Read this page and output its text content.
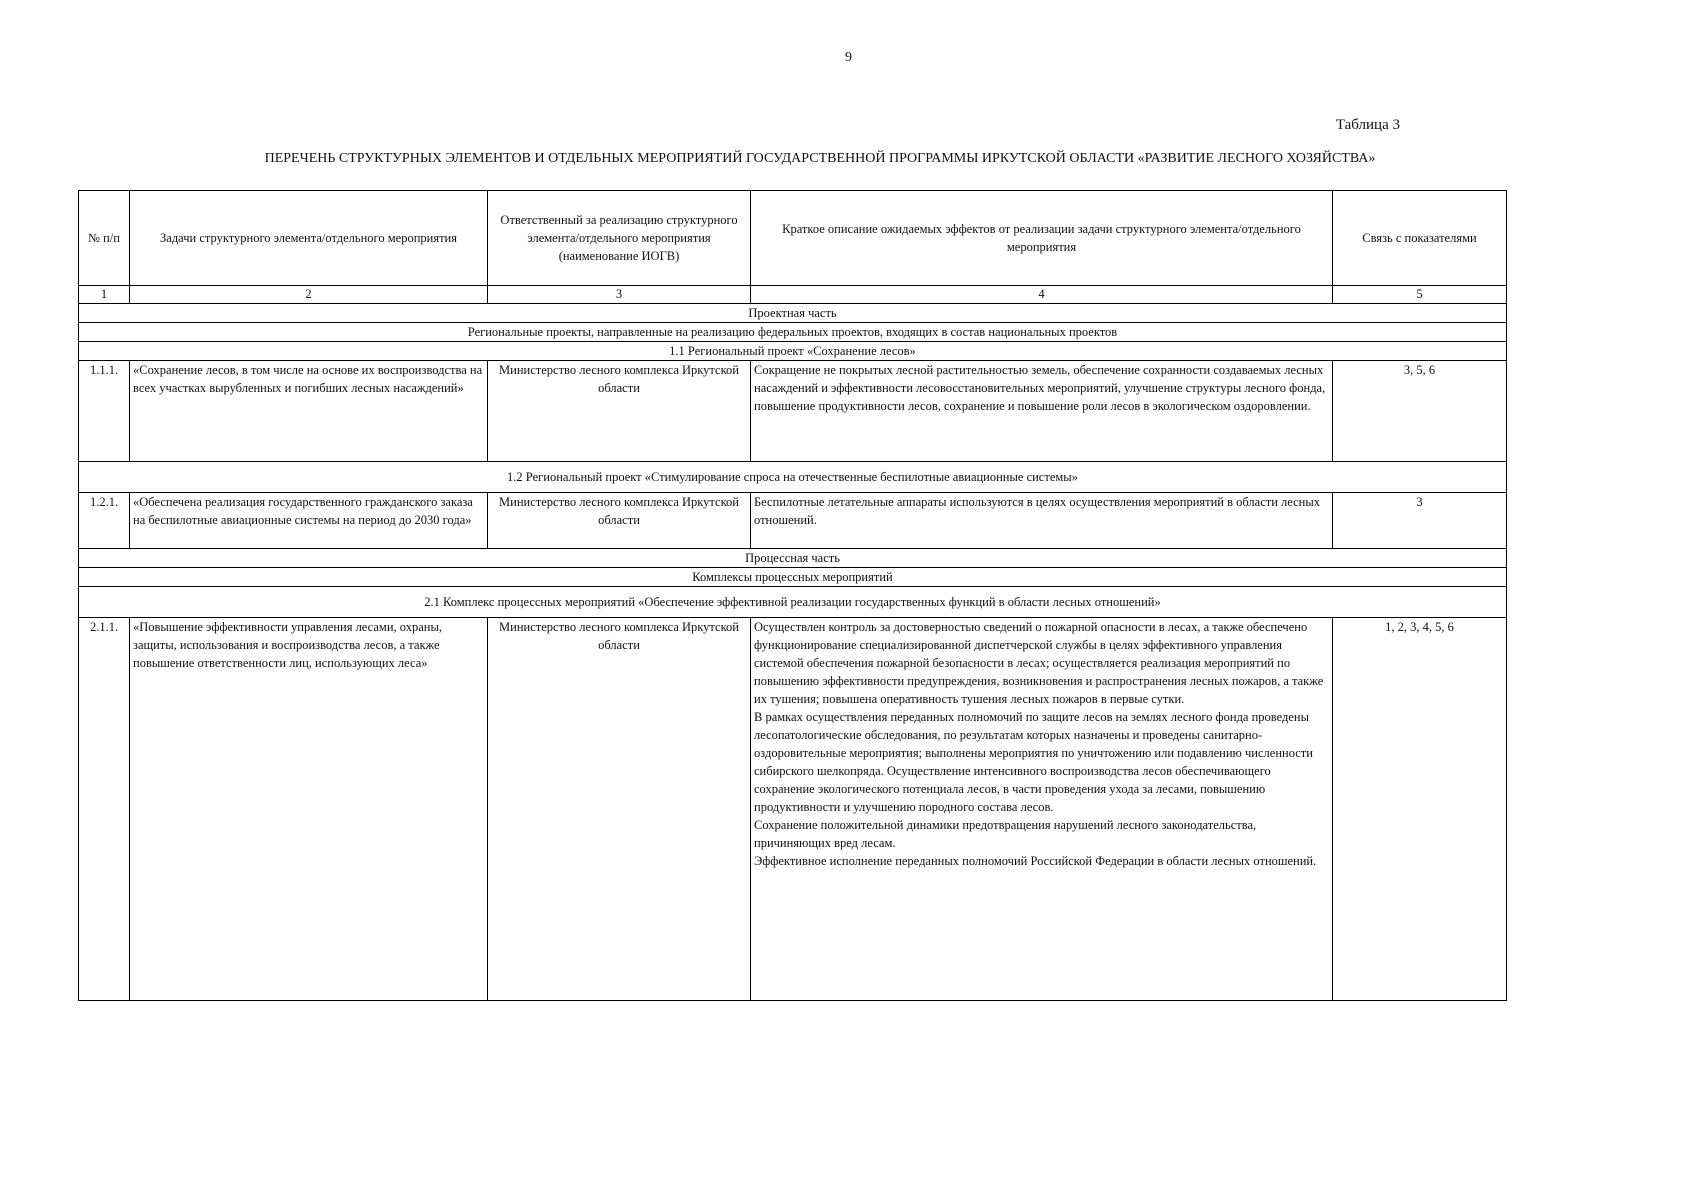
9
Таблица 3
ПЕРЕЧЕНЬ СТРУКТУРНЫХ ЭЛЕМЕНТОВ И ОТДЕЛЬНЫХ МЕРОПРИЯТИЙ ГОСУДАРСТВЕННОЙ ПРОГРАММЫ ИРКУТСКОЙ ОБЛАСТИ «РАЗВИТИЕ ЛЕСНОГО ХОЗЯЙСТВА»
№ п/п	Задачи структурного элемента/отдельного мероприятия	Ответственный за реализацию структурного элемента/отдельного мероприятия (наименование ИОГВ)	Краткое описание ожидаемых эффектов от реализации задачи структурного элемента/отдельного мероприятия	Связь с показателями
1	2	3	4	5
Проектная часть				
Региональные проекты, направленные на реализацию федеральных проектов, входящих в состав национальных проектов				
1.1 Региональный проект «Сохранение лесов»				
1.1.1.	«Сохранение лесов, в том числе на основе их воспроизводства на всех участках вырубленных и погибших лесных насаждений»	Министерство лесного комплекса Иркутской области	Сокращение не покрытых лесной растительностью земель, обеспечение сохранности создаваемых лесных насаждений и эффективности лесовосстановительных мероприятий, улучшение структуры лесного фонда, повышение продуктивности лесов, сохранение и повышение роли лесов в экологическом оздоровлении.	3, 5, 6
1.2 Региональный проект «Стимулирование спроса на отечественные беспилотные авиационные системы»				
1.2.1.	«Обеспечена реализация государственного гражданского заказа на беспилотные авиационные системы на период до 2030 года»	Министерство лесного комплекса Иркутской области	Беспилотные летательные аппараты используются в целях осуществления мероприятий в области лесных отношений.	3
Процессная часть				
Комплексы процессных мероприятий				
2.1 Комплекс процессных мероприятий «Обеспечение эффективной реализации государственных функций в области лесных отношений»				
2.1.1.	«Повышение эффективности управления лесами, охраны, защиты, использования и воспроизводства лесов, а также повышение ответственности лиц, использующих леса»	Министерство лесного комплекса Иркутской области	Осуществлен контроль за достоверностью сведений о пожарной опасности в лесах, а также обеспечено функционирование специализированной диспетчерской службы в целях эффективного управления системой обеспечения пожарной безопасности в лесах; осуществляется реализация мероприятий по повышению эффективности предупреждения, возникновения и распространения лесных пожаров, а также их тушения; повышена оперативность тушения лесных пожаров в первые сутки.
В рамках осуществления переданных полномочий по защите лесов на землях лесного фонда проведены лесопатологические обследования, по результатам которых назначены и проведены санитарно-оздоровительные мероприятия; выполнены мероприятия по уничтожению или подавлению численности сибирского шелкопряда. Осуществление интенсивного воспроизводства лесов обеспечивающего сохранение экологического потенциала лесов, в части проведения ухода за лесами, повышению продуктивности и улучшению породного состава лесов.
Сохранение положительной динамики предотвращения нарушений лесного законодательства, причиняющих вред лесам.
Эффективное исполнение переданных полномочий Российской Федерации в области лесных отношений.	1, 2, 3, 4, 5, 6
